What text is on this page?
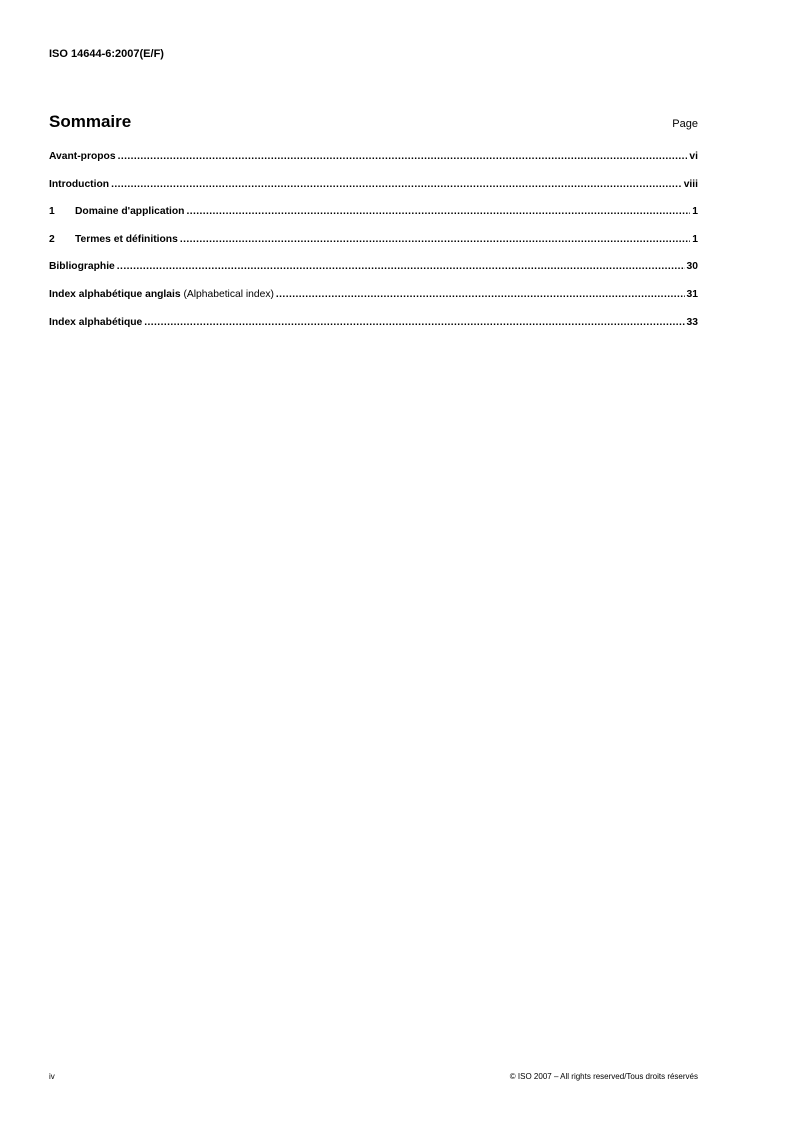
ISO 14644-6:2007(E/F)
Sommaire	Page
Avant-propos .....	vi
Introduction .....	viii
1	Domaine d'application .....	1
2	Termes et définitions .....	1
Bibliographie .....	30
Index alphabétique anglais (Alphabetical index) .....	31
Index alphabétique .....	33
iv	© ISO 2007 – All rights reserved/Tous droits réservés
